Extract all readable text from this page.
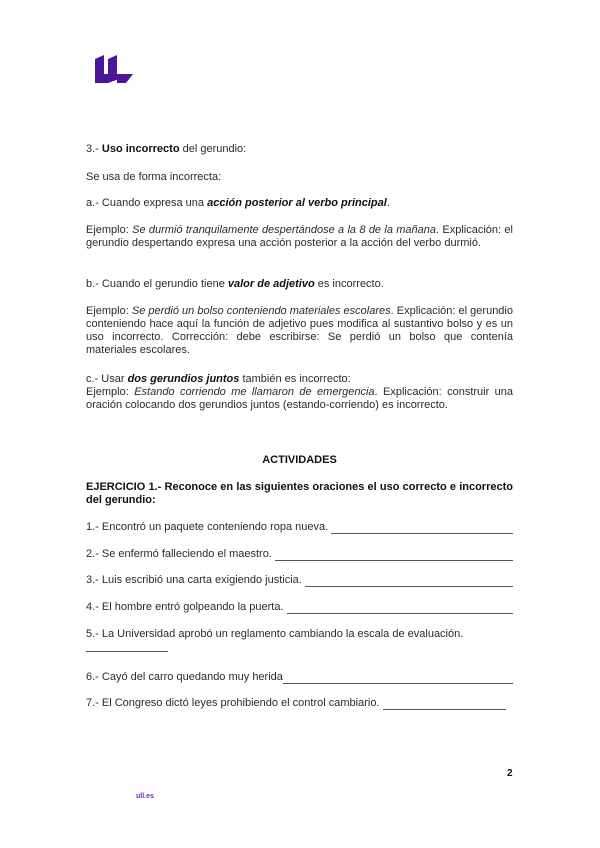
3.- Uso incorrecto del gerundio:
Se usa de forma incorrecta:
a.- Cuando expresa una acción posterior al verbo principal.
Ejemplo: Se durmió tranquilamente despertándose a la 8 de la mañana. Explicación: el gerundio despertando expresa una acción posterior a la acción del verbo durmió.
b.- Cuando el gerundio tiene valor de adjetivo es incorrecto.
Ejemplo: Se perdió un bolso conteniendo materiales escolares. Explicación: el gerundio conteniendo hace aquí la función de adjetivo pues modifica al sustantivo bolso y es un uso incorrecto. Corrección: debe escribirse: Se perdió un bolso que contenía materiales escolares.
c.- Usar dos gerundios juntos también es incorrecto:
Ejemplo: Estando corriendo me llamaron de emergencia. Explicación: construir una oración colocando dos gerundios juntos (estando-corriendo) es incorrecto.
ACTIVIDADES
EJERCICIO 1.- Reconoce en las siguientes oraciones el uso correcto e incorrecto del gerundio:
1.- Encontró un paquete conteniendo ropa nueva.
2.- Se enfermó falleciendo el maestro.
3.- Luis escribió una carta exigiendo justicia.
4.- El hombre entró golpeando la puerta.
5.- La Universidad aprobó un reglamento cambiando la escala de evaluación.
6.- Cayó del carro quedando muy herida
7.- El Congreso dictó leyes prohibiendo el control cambiario.
2
ull.es
